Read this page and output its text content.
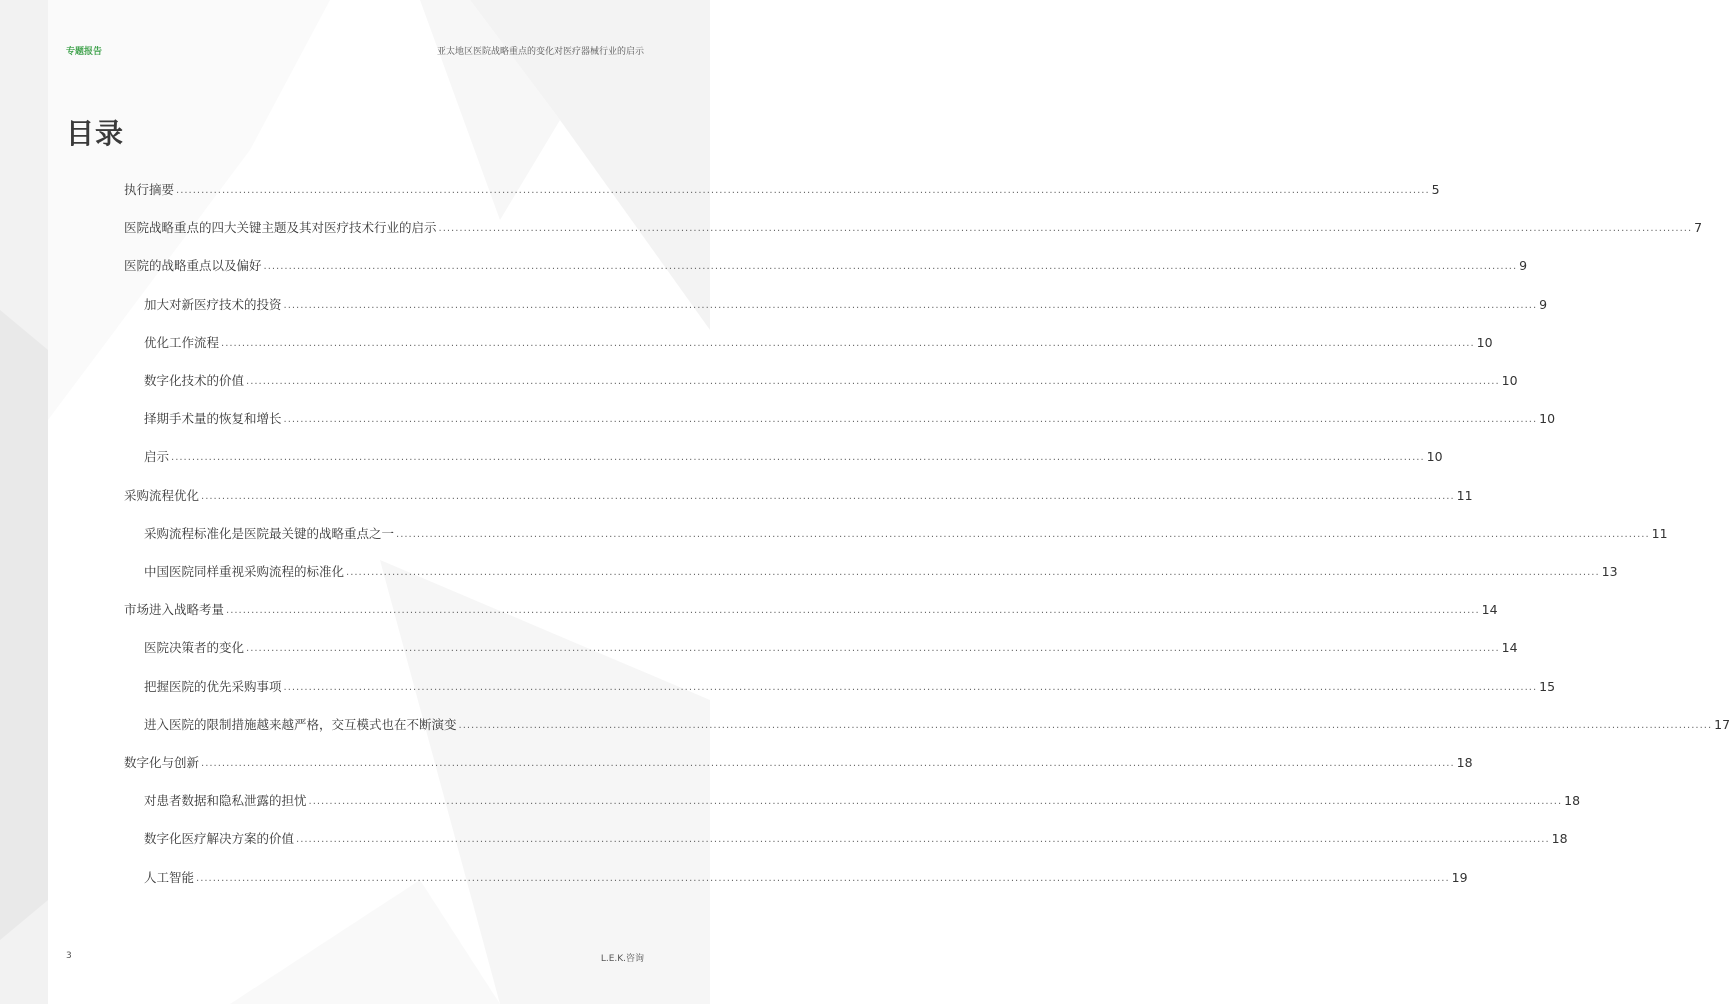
专题报告	亚太地区医院战略重点的变化对医疗器械行业的启示
目录
执行摘要 ............................................................................................................................................................................................................................................................................................................ 5
医院战略重点的四大关键主题及其对医疗技术行业的启示 ............................................................................................................................................................................................................................................................................................................ 7
医院的战略重点以及偏好 ............................................................................................................................................................................................................................................................................................................ 9
加大对新医疗技术的投资 ............................................................................................................................................................................................................................................................................................................ 9
优化工作流程 ............................................................................................................................................................................................................................................................................................................ 10
数字化技术的价值 ............................................................................................................................................................................................................................................................................................................ 10
择期手术量的恢复和增长 ............................................................................................................................................................................................................................................................................................................ 10
启示 ............................................................................................................................................................................................................................................................................................................ 10
采购流程优化 ............................................................................................................................................................................................................................................................................................................ 11
采购流程标准化是医院最关键的战略重点之一 ............................................................................................................................................................................................................................................................................................................ 11
中国医院同样重视采购流程的标准化 ............................................................................................................................................................................................................................................................................................................ 13
市场进入战略考量 ............................................................................................................................................................................................................................................................................................................ 14
医院决策者的变化 ............................................................................................................................................................................................................................................................................................................ 14
把握医院的优先采购事项 ............................................................................................................................................................................................................................................................................................................ 15
进入医院的限制措施越来越严格，交互模式也在不断演变 ............................................................................................................................................................................................................................................................................................................ 17
数字化与创新 ............................................................................................................................................................................................................................................................................................................ 18
对患者数据和隐私泄露的担忧 ............................................................................................................................................................................................................................................................................................................ 18
数字化医疗解决方案的价值 ............................................................................................................................................................................................................................................................................................................ 18
人工智能 ............................................................................................................................................................................................................................................................................................................ 19
3	L.E.K.咨询
